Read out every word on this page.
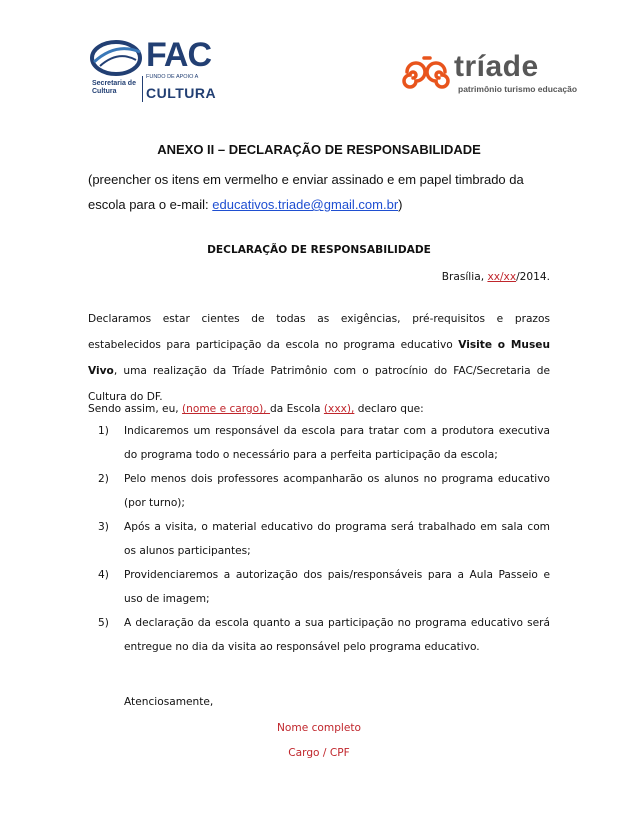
FAC
Secretaria de Cultura
FUNDO DE APOIO A
CULTURA
tríade
patrimônio turismo educação
ANEXO II – DECLARAÇÃO DE RESPONSABILIDADE
(preencher os itens em vermelho e enviar assinado e em papel timbrado da escola para o e-mail: educativos.triade@gmail.com.br)
DECLARAÇÃO DE RESPONSABILIDADE
Brasília, xx/xx/2014.
Declaramos estar cientes de todas as exigências, pré-requisitos e prazos estabelecidos para participação da escola no programa educativo Visite o Museu Vivo, uma realização da Tríade Patrimônio com o patrocínio do FAC/Secretaria de Cultura do DF.
Sendo assim, eu, (nome e cargo), da Escola (xxx), declaro que:
1) Indicaremos um responsável da escola para tratar com a produtora executiva do programa todo o necessário para a perfeita participação da escola;
2) Pelo menos dois professores acompanharão os alunos no programa educativo (por turno);
3) Após a visita, o material educativo do programa será trabalhado em sala com os alunos participantes;
4) Providenciaremos a autorização dos pais/responsáveis para a Aula Passeio e uso de imagem;
5) A declaração da escola quanto a sua participação no programa educativo será entregue no dia da visita ao responsável pelo programa educativo.
Atenciosamente,
Nome completo
Cargo / CPF
